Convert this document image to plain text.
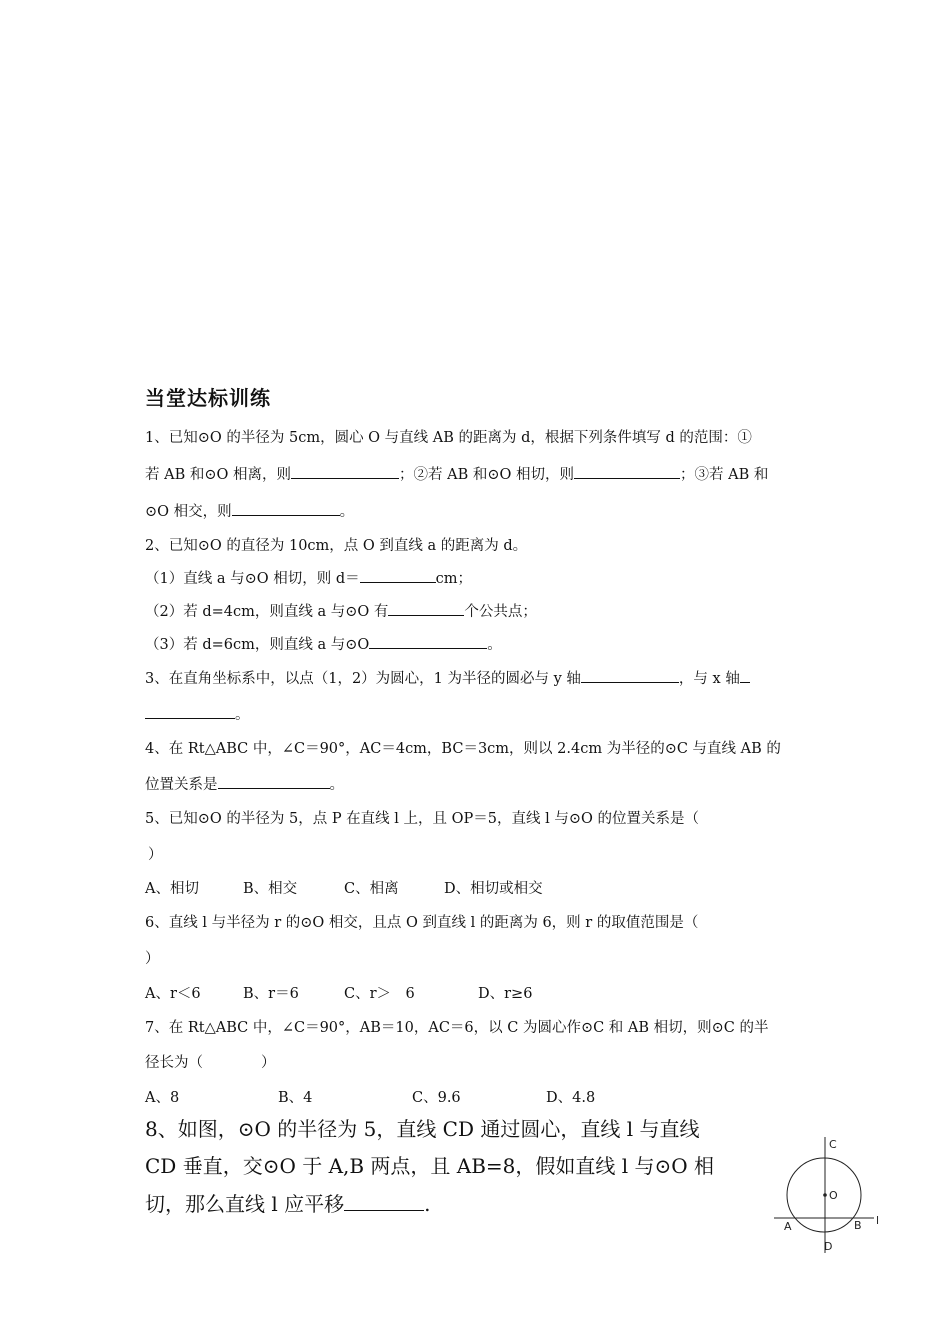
当堂达标训练
1、已知⊙O 的半径为 5cm，圆心 O 与直线 AB 的距离为 d，根据下列条件填写 d 的范围：①
若 AB 和⊙O 相离，则	；②若 AB 和⊙O 相切，则	；③若 AB 和
⊙O 相交，则	。
2、已知⊙O 的直径为 10cm，点 O 到直线 a 的距离为 d。
（1）直线 a 与⊙O 相切，则 d＝	cm；
（2）若 d=4cm，则直线 a 与⊙O 有	个公共点；
（3）若 d=6cm，则直线 a 与⊙O	。
3、在直角坐标系中，以点（1，2）为圆心，1 为半径的圆必与 y 轴	，与 x 轴
。
4、在 Rt△ABC 中，∠C＝90°，AC＝4cm，BC＝3cm，则以 2.4cm 为半径的⊙C 与直线 AB 的
位置关系是	。
5、已知⊙O 的半径为 5，点 P 在直线 l 上，且 OP＝5，直线 l 与⊙O 的位置关系是（
）
A、相切	B、相交	C、相离	D、相切或相交
6、直线 l 与半径为 r 的⊙O 相交，且点 O 到直线 l 的距离为 6，则 r 的取值范围是（
）
A、r＜6	B、r＝6	C、r＞　6	D、r≥6
7、在 Rt△ABC 中，∠C＝90°，AB＝10，AC＝6，以 C 为圆心作⊙C 和 AB 相切，则⊙C 的半
径长为（　　　　）
A、8	B、4	C、9.6	D、4.8
8、如图，⊙O 的半径为 5，直线 CD 通过圆心，直线 l 与直线
CD 垂直，交⊙O 于 A,B 两点，且 AB=8，假如直线 l 与⊙O 相
切，那么直线 l 应平移	.
C
O
A	B
D
l
